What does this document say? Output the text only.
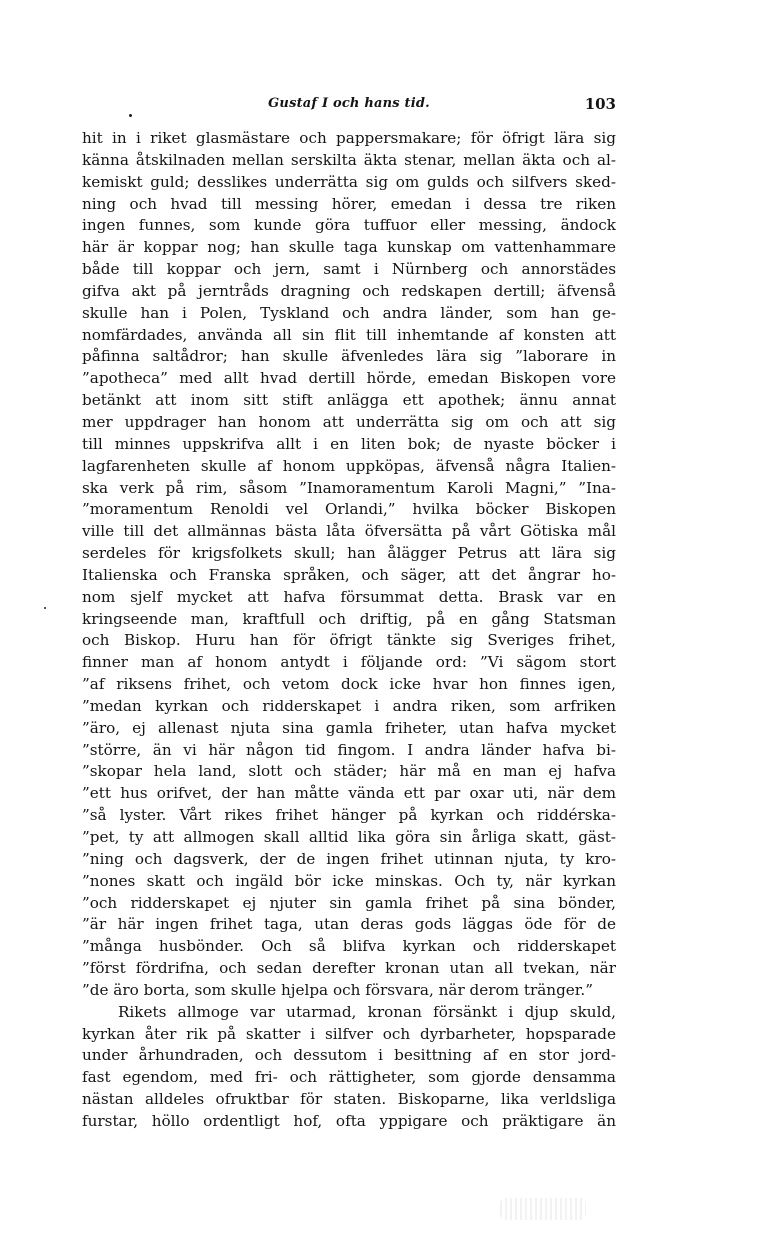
Gustaf I och hans tid.	103
hit in i riket glasmästare och pappersmakare; för öfrigt lära sig
känna åtskilnaden mellan serskilta äkta stenar, mellan äkta och al-
kemiskt guld; desslikes underrätta sig om gulds och silfvers sked-
ning och hvad till messing hörer, emedan i dessa tre riken
ingen funnes, som kunde göra tuffuor eller messing, ändock
här är koppar nog; han skulle taga kunskap om vattenhammare
både till koppar och jern, samt i Nürnberg och annorstädes
gifva akt på jerntråds dragning och redskapen dertill; äfvenså
skulle han i Polen, Tyskland och andra länder, som han ge-
nomfärdades, använda all sin flit till inhemtande af konsten att
påfinna saltådror; han skulle äfvenledes lära sig ”laborare in
”apotheca” med allt hvad dertill hörde, emedan Biskopen vore
betänkt att inom sitt stift anlägga ett apothek; ännu annat
mer uppdrager han honom att underrätta sig om och att sig
till minnes uppskrifva allt i en liten bok; de nyaste böcker i
lagfarenheten skulle af honom uppköpas, äfvenså några Italien-
ska verk på rim, såsom ”Inamoramentum Karoli Magni,” ”Ina-
”moramentum Renoldi vel Orlandi,” hvilka böcker Biskopen
ville till det allmännas bästa låta öfversätta på vårt Götiska mål
serdeles för krigsfolkets skull; han ålägger Petrus att lära sig
Italienska och Franska språken, och säger, att det ångrar ho-
nom sjelf mycket att hafva försummat detta. Brask var en
kringseende man, kraftfull och driftig, på en gång Statsman
och Biskop. Huru han för öfrigt tänkte sig Sveriges frihet,
finner man af honom antydt i följande ord: ”Vi sägom stort
”af riksens frihet, och vetom dock icke hvar hon finnes igen,
”medan kyrkan och ridderskapet i andra riken, som arfriken
”äro, ej allenast njuta sina gamla friheter, utan hafva mycket
”större, än vi här någon tid fingom. I andra länder hafva bi-
”skopar hela land, slott och städer; här må en man ej hafva
”ett hus orifvet, der han måtte vända ett par oxar uti, när dem
”så lyster. Vårt rikes frihet hänger på kyrkan och riddérska-
”pet, ty att allmogen skall alltid lika göra sin årliga skatt, gäst-
”ning och dagsverk, der de ingen frihet utinnan njuta, ty kro-
”nones skatt och ingäld bör icke minskas. Och ty, när kyrkan
”och ridderskapet ej njuter sin gamla frihet på sina bönder,
”är här ingen frihet taga, utan deras gods läggas öde för de
”många husbönder. Och så blifva kyrkan och ridderskapet
”först fördrifna, och sedan derefter kronan utan all tvekan, när
”de äro borta, som skulle hjelpa och försvara, när derom tränger.”
Rikets allmoge var utarmad, kronan försänkt i djup skuld,
kyrkan åter rik på skatter i silfver och dyrbarheter, hopsparade
under århundraden, och dessutom i besittning af en stor jord-
fast egendom, med fri- och rättigheter, som gjorde densamma
nästan alldeles ofruktbar för staten. Biskoparne, lika verldsliga
furstar, höllo ordentligt hof, ofta yppigare och präktigare än
